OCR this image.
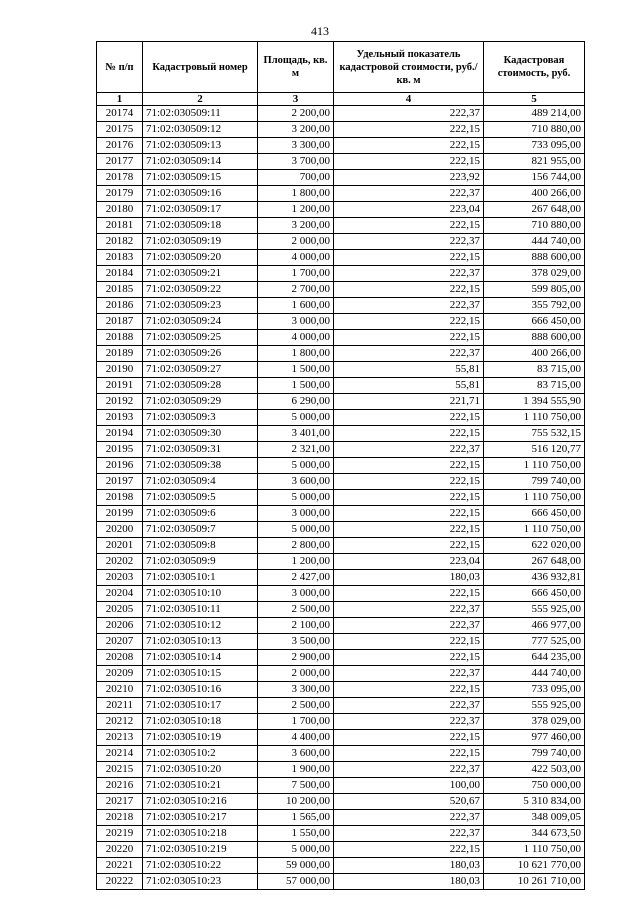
413
№ п/п	Кадастровый номер	Площадь, кв. м	Удельный показатель кадастровой стоимости, руб./кв. м	Кадастровая стоимость, руб.
1	2	3	4	5
20174	71:02:030509:11	2 200,00	222,37	489 214,00
20175	71:02:030509:12	3 200,00	222,15	710 880,00
20176	71:02:030509:13	3 300,00	222,15	733 095,00
20177	71:02:030509:14	3 700,00	222,15	821 955,00
20178	71:02:030509:15	700,00	223,92	156 744,00
20179	71:02:030509:16	1 800,00	222,37	400 266,00
20180	71:02:030509:17	1 200,00	223,04	267 648,00
20181	71:02:030509:18	3 200,00	222,15	710 880,00
20182	71:02:030509:19	2 000,00	222,37	444 740,00
20183	71:02:030509:20	4 000,00	222,15	888 600,00
20184	71:02:030509:21	1 700,00	222,37	378 029,00
20185	71:02:030509:22	2 700,00	222,15	599 805,00
20186	71:02:030509:23	1 600,00	222,37	355 792,00
20187	71:02:030509:24	3 000,00	222,15	666 450,00
20188	71:02:030509:25	4 000,00	222,15	888 600,00
20189	71:02:030509:26	1 800,00	222,37	400 266,00
20190	71:02:030509:27	1 500,00	55,81	83 715,00
20191	71:02:030509:28	1 500,00	55,81	83 715,00
20192	71:02:030509:29	6 290,00	221,71	1 394 555,90
20193	71:02:030509:3	5 000,00	222,15	1 110 750,00
20194	71:02:030509:30	3 401,00	222,15	755 532,15
20195	71:02:030509:31	2 321,00	222,37	516 120,77
20196	71:02:030509:38	5 000,00	222,15	1 110 750,00
20197	71:02:030509:4	3 600,00	222,15	799 740,00
20198	71:02:030509:5	5 000,00	222,15	1 110 750,00
20199	71:02:030509:6	3 000,00	222,15	666 450,00
20200	71:02:030509:7	5 000,00	222,15	1 110 750,00
20201	71:02:030509:8	2 800,00	222,15	622 020,00
20202	71:02:030509:9	1 200,00	223,04	267 648,00
20203	71:02:030510:1	2 427,00	180,03	436 932,81
20204	71:02:030510:10	3 000,00	222,15	666 450,00
20205	71:02:030510:11	2 500,00	222,37	555 925,00
20206	71:02:030510:12	2 100,00	222,37	466 977,00
20207	71:02:030510:13	3 500,00	222,15	777 525,00
20208	71:02:030510:14	2 900,00	222,15	644 235,00
20209	71:02:030510:15	2 000,00	222,37	444 740,00
20210	71:02:030510:16	3 300,00	222,15	733 095,00
20211	71:02:030510:17	2 500,00	222,37	555 925,00
20212	71:02:030510:18	1 700,00	222,37	378 029,00
20213	71:02:030510:19	4 400,00	222,15	977 460,00
20214	71:02:030510:2	3 600,00	222,15	799 740,00
20215	71:02:030510:20	1 900,00	222,37	422 503,00
20216	71:02:030510:21	7 500,00	100,00	750 000,00
20217	71:02:030510:216	10 200,00	520,67	5 310 834,00
20218	71:02:030510:217	1 565,00	222,37	348 009,05
20219	71:02:030510:218	1 550,00	222,37	344 673,50
20220	71:02:030510:219	5 000,00	222,15	1 110 750,00
20221	71:02:030510:22	59 000,00	180,03	10 621 770,00
20222	71:02:030510:23	57 000,00	180,03	10 261 710,00
